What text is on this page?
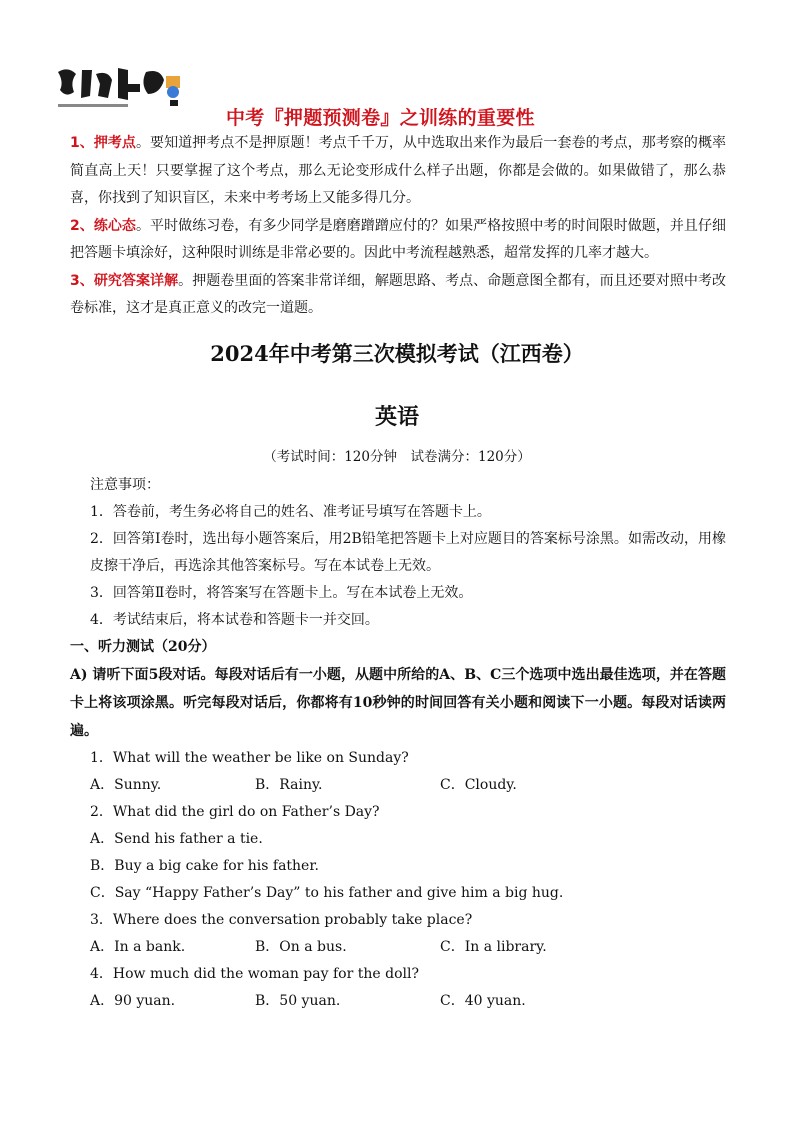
中考『押题预测卷』之训练的重要性

1、押考点。要知道押考点不是押原题！考点千千万，从中选取出来作为最后一套卷的考点，那考察的概率简直高上天！只要掌握了这个考点，那么无论变形成什么样子出题，你都是会做的。如果做错了，那么恭喜，你找到了知识盲区，未来中考考场上又能多得几分。

2、练心态。平时做练习卷，有多少同学是磨磨蹭蹭应付的？如果严格按照中考的时间限时做题，并且仔细把答题卡填涂好，这种限时训练是非常必要的。因此中考流程越熟悉，超常发挥的几率才越大。

3、研究答案详解。押题卷里面的答案非常详细，解题思路、考点、命题意图全都有，而且还要对照中考改卷标准，这才是真正意义的改完一道题。

2024年中考第三次模拟考试（江西卷）
英语
（考试时间：120分钟　试卷满分：120分）

注意事项：

1．答卷前，考生务必将自己的姓名、准考证号填写在答题卡上。

2．回答第Ⅰ卷时，选出每小题答案后，用2B铅笔把答题卡上对应题目的答案标号涂黑。如需改动，用橡皮擦干净后，再选涂其他答案标号。写在本试卷上无效。

3．回答第Ⅱ卷时，将答案写在答题卡上。写在本试卷上无效。

4．考试结束后，将本试卷和答题卡一并交回。

一、听力测试（20分）

A) 请听下面5段对话。每段对话后有一小题，从题中所给的A、B、C三个选项中选出最佳选项，并在答题卡上将该项涂黑。听完每段对话后，你都将有10秒钟的时间回答有关小题和阅读下一小题。每段对话读两遍。

1．What will the weather be like on Sunday?

A．Sunny.	B．Rainy.	C．Cloudy.

2．What did the girl do on Father’s Day?

A．Send his father a tie.

B．Buy a big cake for his father.

C．Say “Happy Father’s Day” to his father and give him a big hug.

3．Where does the conversation probably take place?

A．In a bank.	B．On a bus.	C．In a library.

4．How much did the woman pay for the doll?

A．90 yuan.	B．50 yuan.	C．40 yuan.
